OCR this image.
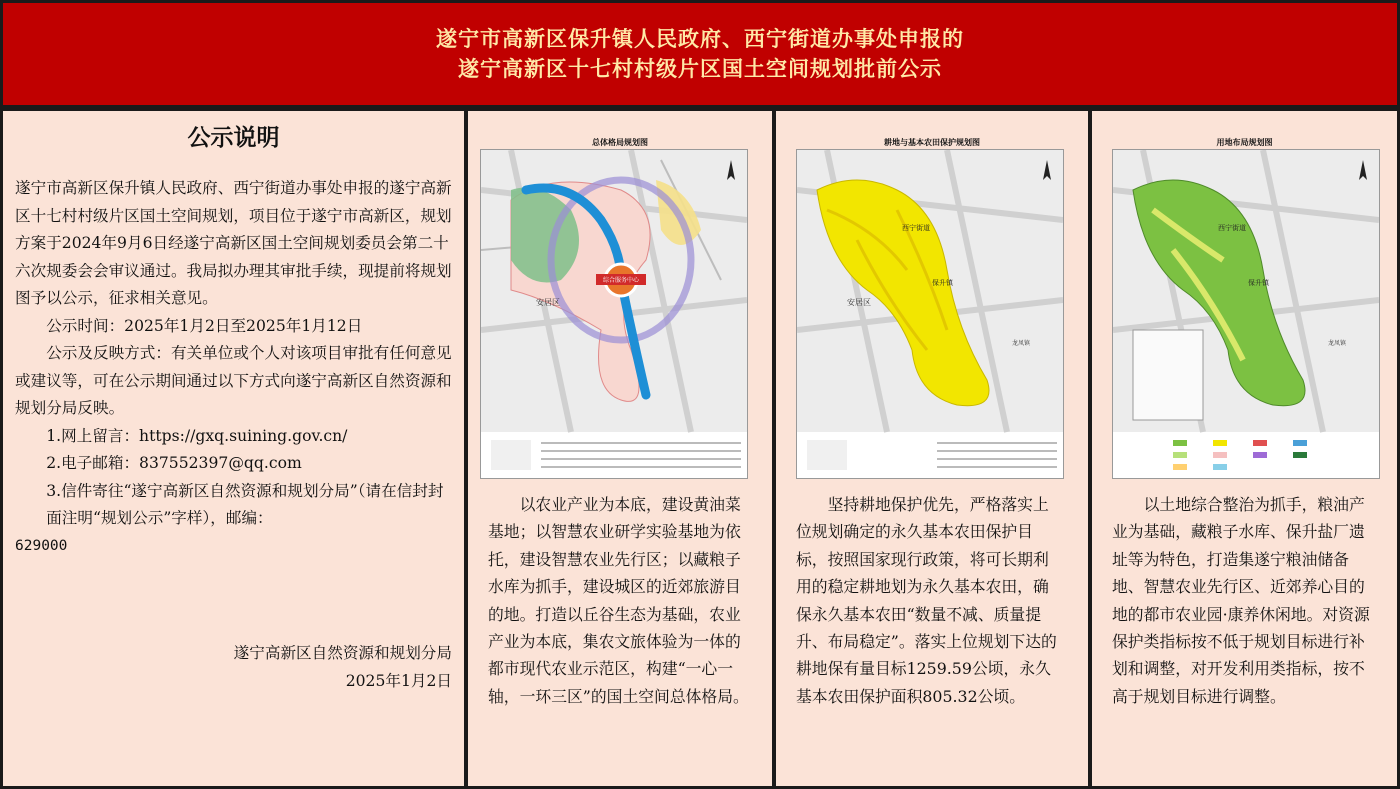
遂宁市高新区保升镇人民政府、西宁街道办事处申报的
遂宁高新区十七村村级片区国土空间规划批前公示
公示说明

遂宁市高新区保升镇人民政府、西宁街道办事处申报的遂宁高新区十七村村级片区国土空间规划，项目位于遂宁市高新区，规划方案于2024年9月6日经遂宁高新区国土空间规划委员会第二十六次规委会会审议通过。我局拟办理其审批手续，现提前将规划图予以公示，征求相关意见。

公示时间：2025年1月2日至2025年1月12日

公示及反映方式：有关单位或个人对该项目审批有任何意见或建议等，可在公示期间通过以下方式向遂宁高新区自然资源和规划分局反映。

1.网上留言：https://gxq.suining.gov.cn/

2.电子邮箱：837552397@qq.com

3.信件寄往“遂宁高新区自然资源和规划分局”（请在信封封面注明“规划公示”字样），邮编：

629000

遂宁高新区自然资源和规划分局
2025年1月2日
总体格局规划图
综合服务中心
安居区

以农业产业为本底，建设黄油菜基地；以智慧农业研学实验基地为依托，建设智慧农业先行区；以藏粮子水库为抓手，建设城区的近郊旅游目的地。打造以丘谷生态为基础，农业产业为本底，集农文旅体验为一体的都市现代农业示范区，构建“一心一轴，一环三区”的国土空间总体格局。

耕地与基本农田保护规划图
西宁街道
保升镇
安居区
龙凤镇

坚持耕地保护优先，严格落实上位规划确定的永久基本农田保护目标，按照国家现行政策，将可长期利用的稳定耕地划为永久基本农田，确保永久基本农田“数量不减、质量提升、布局稳定”。落实上位规划下达的耕地保有量目标1259.59公顷，永久基本农田保护面积805.32公顷。

用地布局规划图
西宁街道
保升镇
龙凤镇

以土地综合整治为抓手，粮油产业为基础，藏粮子水库、保升盐厂遗址等为特色，打造集遂宁粮油储备地、智慧农业先行区、近郊养心目的地的都市农业园·康养休闲地。对资源保护类指标按不低于规划目标进行补划和调整，对开发利用类指标，按不高于规划目标进行调整。
